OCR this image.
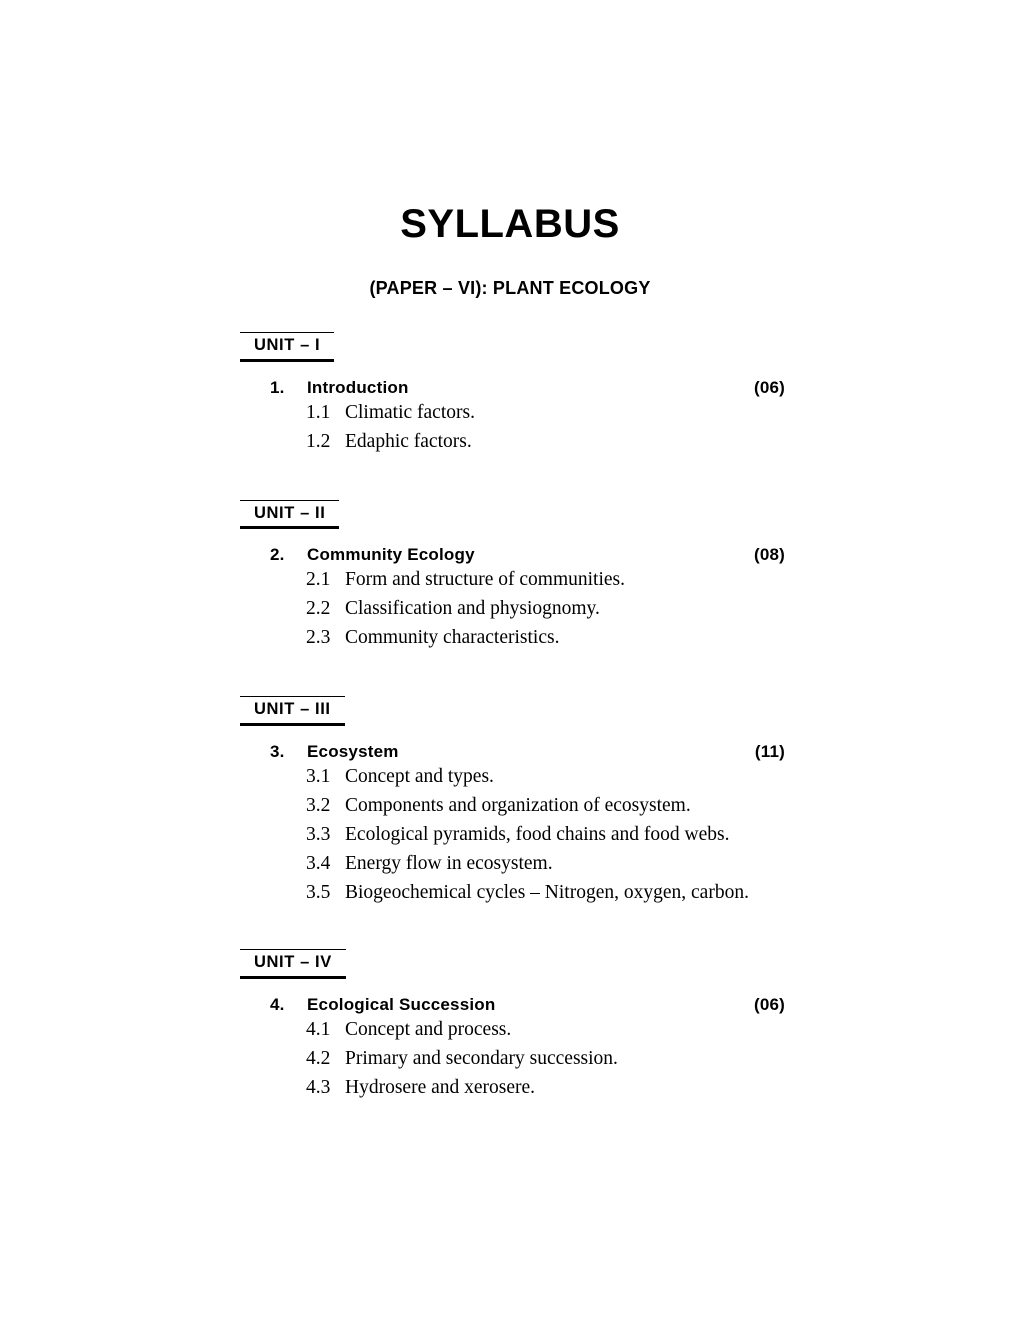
SYLLABUS
(PAPER – VI): PLANT ECOLOGY
UNIT – I
1.	Introduction	(06)
1.1 Climatic factors.
1.2 Edaphic factors.
UNIT – II
2.	Community Ecology	(08)
2.1 Form and structure of communities.
2.2 Classification and physiognomy.
2.3 Community characteristics.
UNIT – III
3.	Ecosystem	(11)
3.1 Concept and types.
3.2 Components and organization of ecosystem.
3.3 Ecological pyramids, food chains and food webs.
3.4 Energy flow in ecosystem.
3.5 Biogeochemical cycles – Nitrogen, oxygen, carbon.
UNIT – IV
4.	Ecological Succession	(06)
4.1 Concept and process.
4.2 Primary and secondary succession.
4.3 Hydrosere and xerosere.
